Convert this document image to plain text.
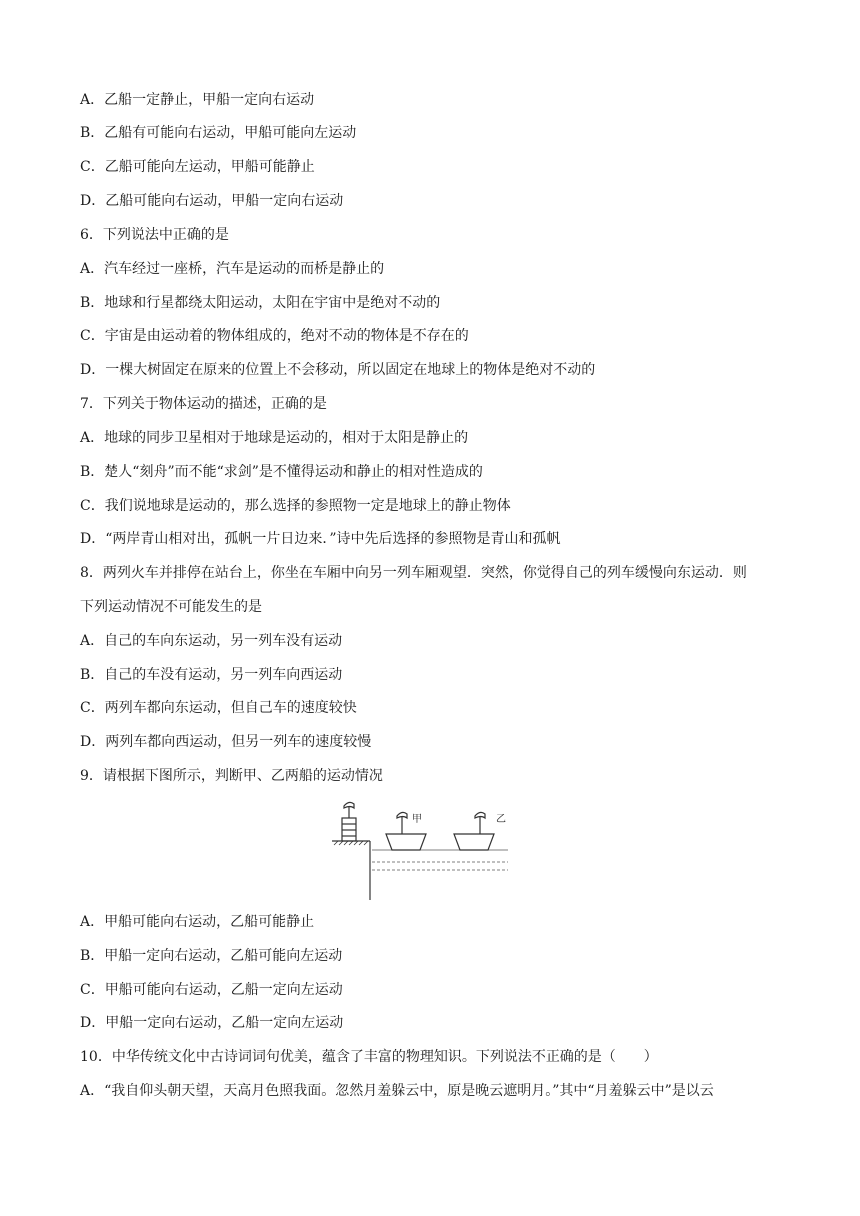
A．乙船一定静止，甲船一定向右运动
B．乙船有可能向右运动，甲船可能向左运动
C．乙船可能向左运动，甲船可能静止
D．乙船可能向右运动，甲船一定向右运动
6．下列说法中正确的是
A．汽车经过一座桥，汽车是运动的而桥是静止的
B．地球和行星都绕太阳运动，太阳在宇宙中是绝对不动的
C．宇宙是由运动着的物体组成的，绝对不动的物体是不存在的
D．一棵大树固定在原来的位置上不会移动，所以固定在地球上的物体是绝对不动的
7．下列关于物体运动的描述，正确的是
A．地球的同步卫星相对于地球是运动的，相对于太阳是静止的
B．楚人“刻舟”而不能“求剑”是不懂得运动和静止的相对性造成的
C．我们说地球是运动的，那么选择的参照物一定是地球上的静止物体
D．“两岸青山相对出，孤帆一片日边来．”诗中先后选择的参照物是青山和孤帆
8．两列火车并排停在站台上，你坐在车厢中向另一列车厢观望．突然，你觉得自己的列车缓慢向东运动．则
下列运动情况不可能发生的是
A．自己的车向东运动，另一列车没有运动
B．自己的车没有运动，另一列车向西运动
C．两列车都向东运动，但自己车的速度较快
D．两列车都向西运动，但另一列车的速度较慢
9．请根据下图所示，判断甲、乙两船的运动情况
甲	乙
A．甲船可能向右运动，乙船可能静止
B．甲船一定向右运动，乙船可能向左运动
C．甲船可能向右运动，乙船一定向左运动
D．甲船一定向右运动，乙船一定向左运动
10．中华传统文化中古诗词词句优美，蕴含了丰富的物理知识。下列说法不正确的是（　　）
A．“我自仰头朝天望，天高月色照我面。忽然月羞躲云中，原是晚云遮明月。”其中“月羞躲云中”是以云
